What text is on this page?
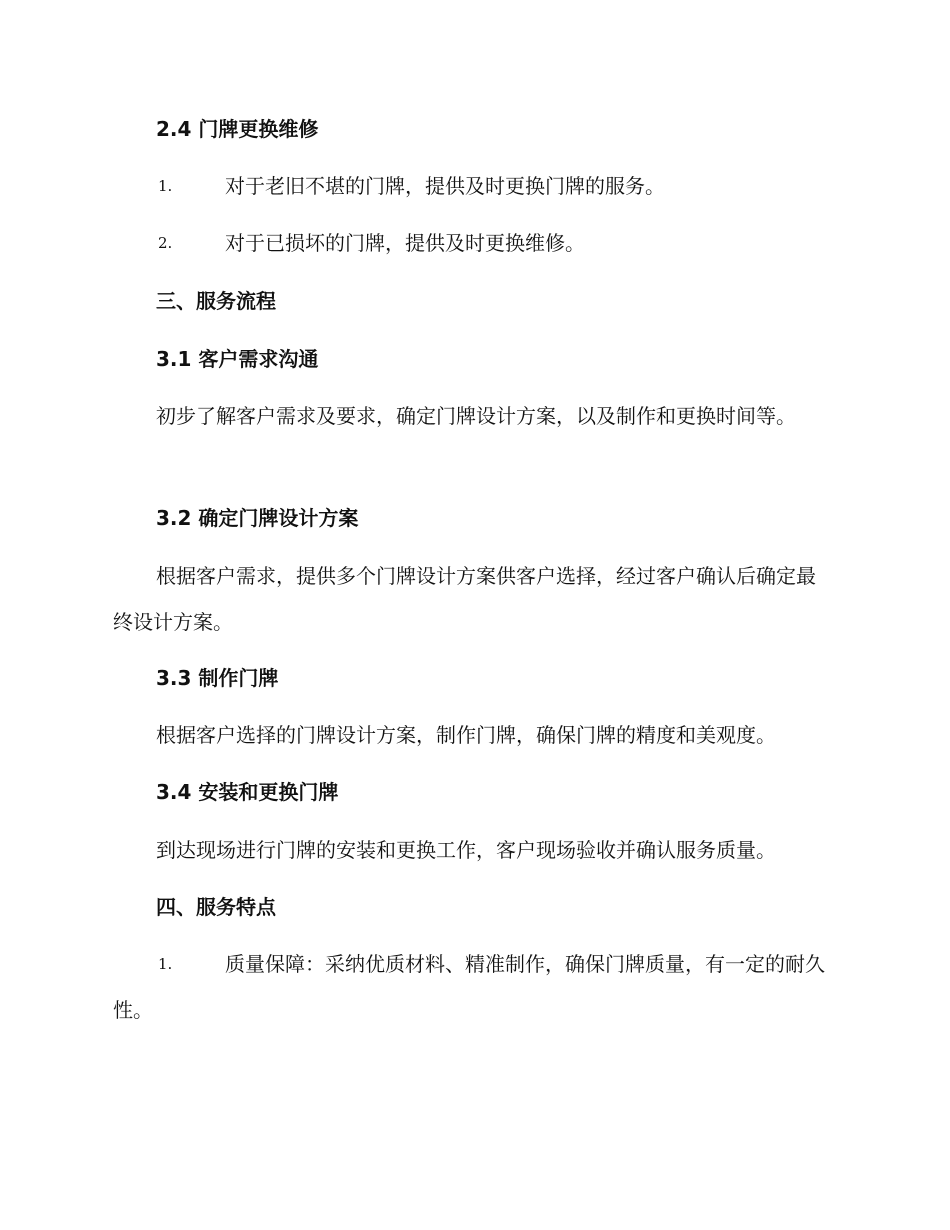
2.4 门牌更换维修
1.	对于老旧不堪的门牌，提供及时更换门牌的服务。
2.	对于已损坏的门牌，提供及时更换维修。
三、服务流程
3.1 客户需求沟通

初步了解客户需求及要求，确定门牌设计方案，以及制作和更换时间等。

3.2 确定门牌设计方案

根据客户需求，提供多个门牌设计方案供客户选择，经过客户确认后确定最终设计方案。

3.3 制作门牌

根据客户选择的门牌设计方案，制作门牌，确保门牌的精度和美观度。

3.4 安装和更换门牌

到达现场进行门牌的安装和更换工作，客户现场验收并确认服务质量。

四、服务特点
1.	质量保障：采纳优质材料、精准制作，确保门牌质量，有一定的耐久性。
